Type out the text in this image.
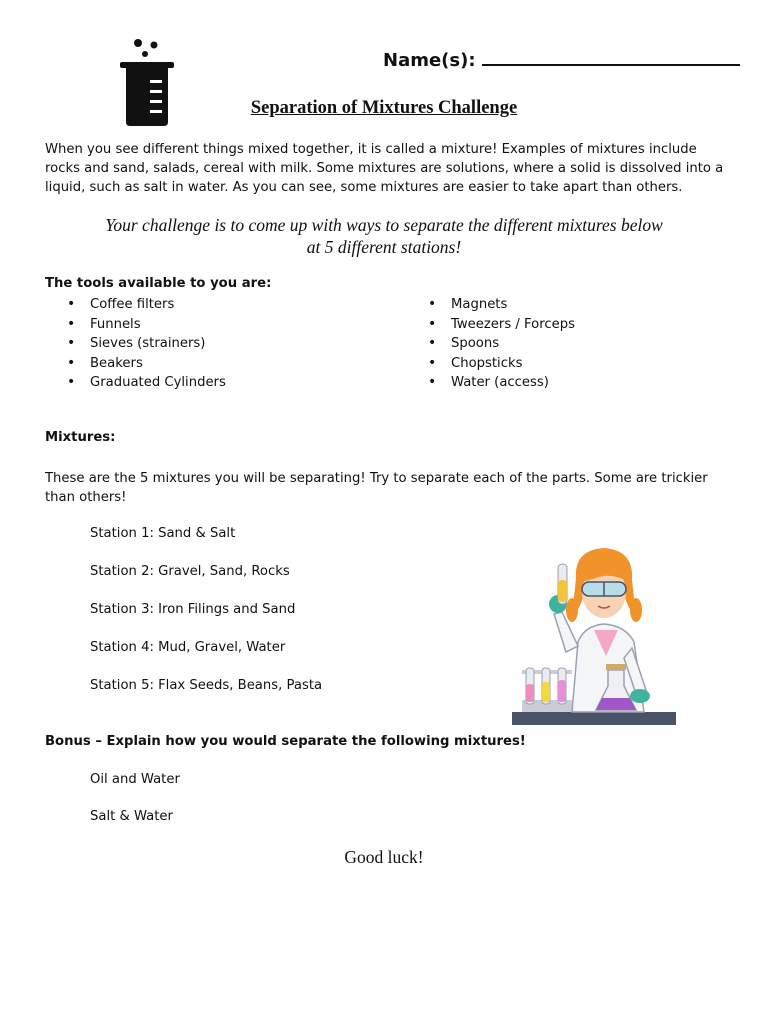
Name(s):
Separation of Mixtures Challenge
When you see different things mixed together, it is called a mixture! Examples of mixtures include rocks and sand, salads, cereal with milk. Some mixtures are solutions, where a solid is dissolved into a liquid, such as salt in water. As you can see, some mixtures are easier to take apart than others.
Your challenge is to come up with ways to separate the different mixtures below
at 5 different stations!
The tools available to you are:
• Coffee filters
• Funnels
• Sieves (strainers)
• Beakers
• Graduated Cylinders
• Magnets
• Tweezers / Forceps
• Spoons
• Chopsticks
• Water (access)
Mixtures:
These are the 5 mixtures you will be separating! Try to separate each of the parts. Some are trickier than others!
Station 1: Sand & Salt
Station 2: Gravel, Sand, Rocks
Station 3: Iron Filings and Sand
Station 4: Mud, Gravel, Water
Station 5: Flax Seeds, Beans, Pasta
Bonus – Explain how you would separate the following mixtures!
Oil and Water
Salt & Water
Good luck!
